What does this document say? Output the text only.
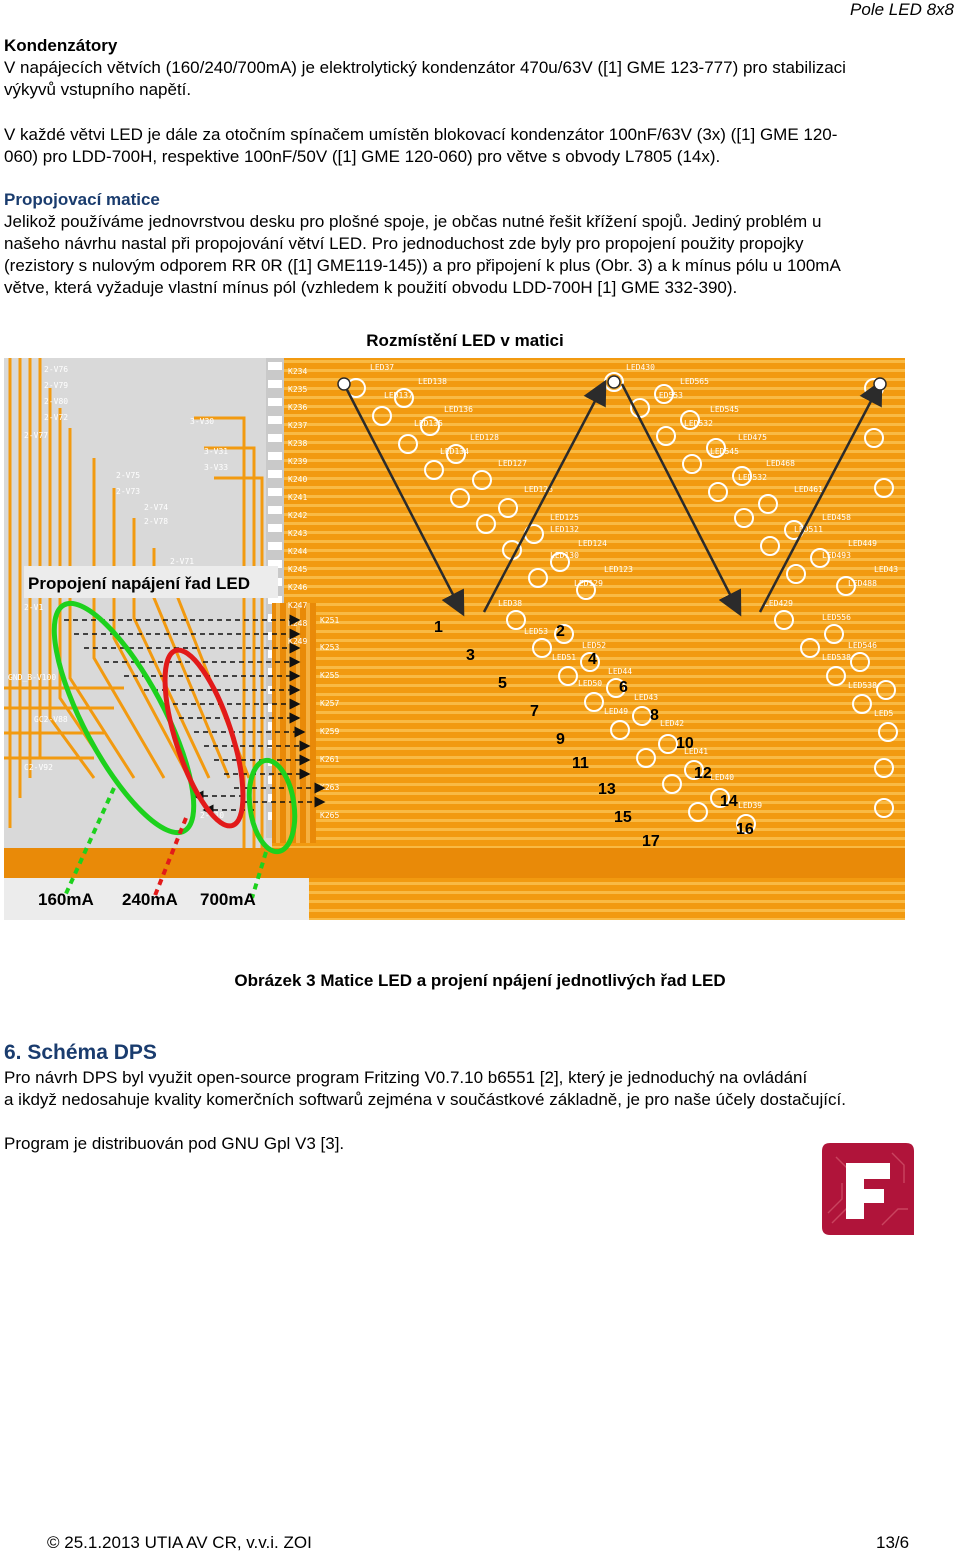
Pole LED 8x8
Kondenzátory
V napájecích větvích (160/240/700mA) je elektrolytický kondenzátor 470u/63V ([1] GME 123-777) pro stabilizaci
výkyvů vstupního napětí.
V každé větvi LED je dále za otočním spínačem umístěn blokovací kondenzátor 100nF/63V (3x) ([1] GME 120-
060) pro LDD-700H, respektive 100nF/50V ([1] GME 120-060) pro větve s obvody L7805 (14x).
Propojovací matice
Jelikož používáme jednovrstvou desku pro plošné spoje, je občas nutné řešit křížení spojů. Jediný problém u
našeho návrhu nastal při propojování větví LED. Pro jednoduchost zde byly pro propojení použity propojky
(rezistory s nulovým odporem RR 0R ([1] GME119-145)) a pro připojení k plus (Obr. 3) a k mínus pólu u 100mA
větve, která vyžaduje vlastní mínus pól (vzhledem k použití obvodu LDD-700H [1] GME 332-390).
Rozmístění LED v matici
K234
K235
K236
K237
K238
K239
K240
K241
K242
K243
K244
K245
K246
K247
K248
K249
K251
K253
K255
K257
K259
K261
K263
K265
2-V76
2-V79
2-V80
2-V72
2-V77
2-V75
2-V73
2-V74
2-V78
2-V71
3-V30
3-V31
3-V33
2-V1
GND_B-V100
GC2-V88
C2-V92
2-V10
LED37
LED138
LED137
LED136
LED135
LED128
LED134
LED127
LED126
LED125
LED132
LED124
LED130
LED123
LED129
LED38
LED53
LED52
LED51
LED44
LED50
LED43
LED49
LED42
LED41
LED40
LED39
LED430
LED565
LED553
LED545
LED532
LED475
LED545
LED468
LED532
LED461
LED458
LED511
LED449
LED493
LED43
LED488
LED429
LED556
LED546
LED538
LED538
LED5
1	2
3	4
5	6
7	8
9	10
11
12
13
14
15
16
17
Propojení napájení řad LED
160mA 240mA 700mA
Obrázek 3 Matice LED a projení npájení jednotlivých řad LED
6. Schéma DPS
Pro návrh DPS byl využit open-source program Fritzing V0.7.10 b6551 [2], který je jednoduchý na ovládání
a ikdyž nedosahuje kvality komerčních softwarů zejména v součástkové základně, je pro naše účely dostačující.
Program je distribuován pod GNU Gpl V3 [3].
© 25.1.2013 UTIA AV CR, v.v.i. ZOI	13/6
